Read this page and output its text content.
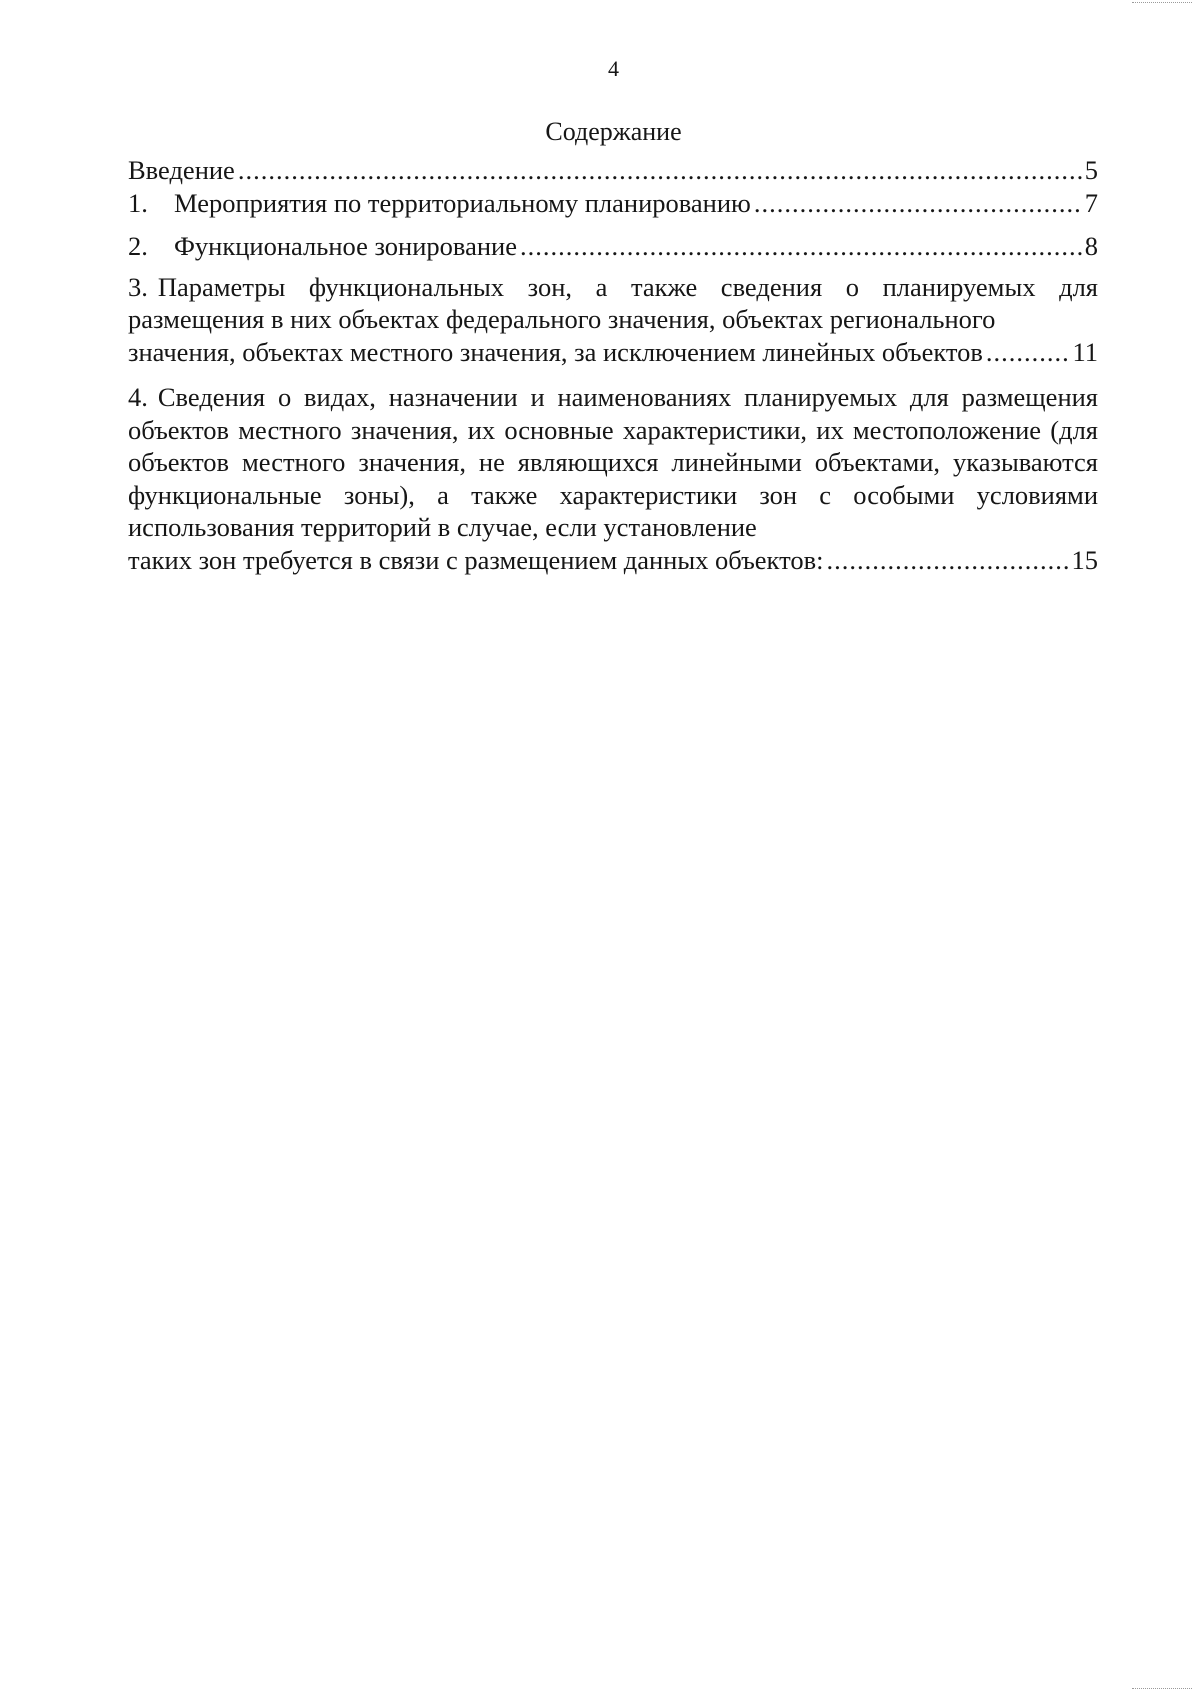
4
Содержание
Введение .....	5
1. Мероприятия по территориальному планированию .....	7
2. Функциональное зонирование .....	8
3. Параметры функциональных зон, а также сведения о планируемых для размещения в них объектах федерального значения, объектах регионального
значения, объектах местного значения, за исключением линейных объектов .....	11
4. Сведения о видах, назначении и наименованиях планируемых для размещения объектов местного значения, их основные характеристики, их местоположение (для объектов местного значения, не являющихся линейными объектами, указываются функциональные зоны), а также характеристики зон с особыми условиями использования территорий в случае, если установление
таких зон требуется в связи с размещением данных объектов: .....	15
